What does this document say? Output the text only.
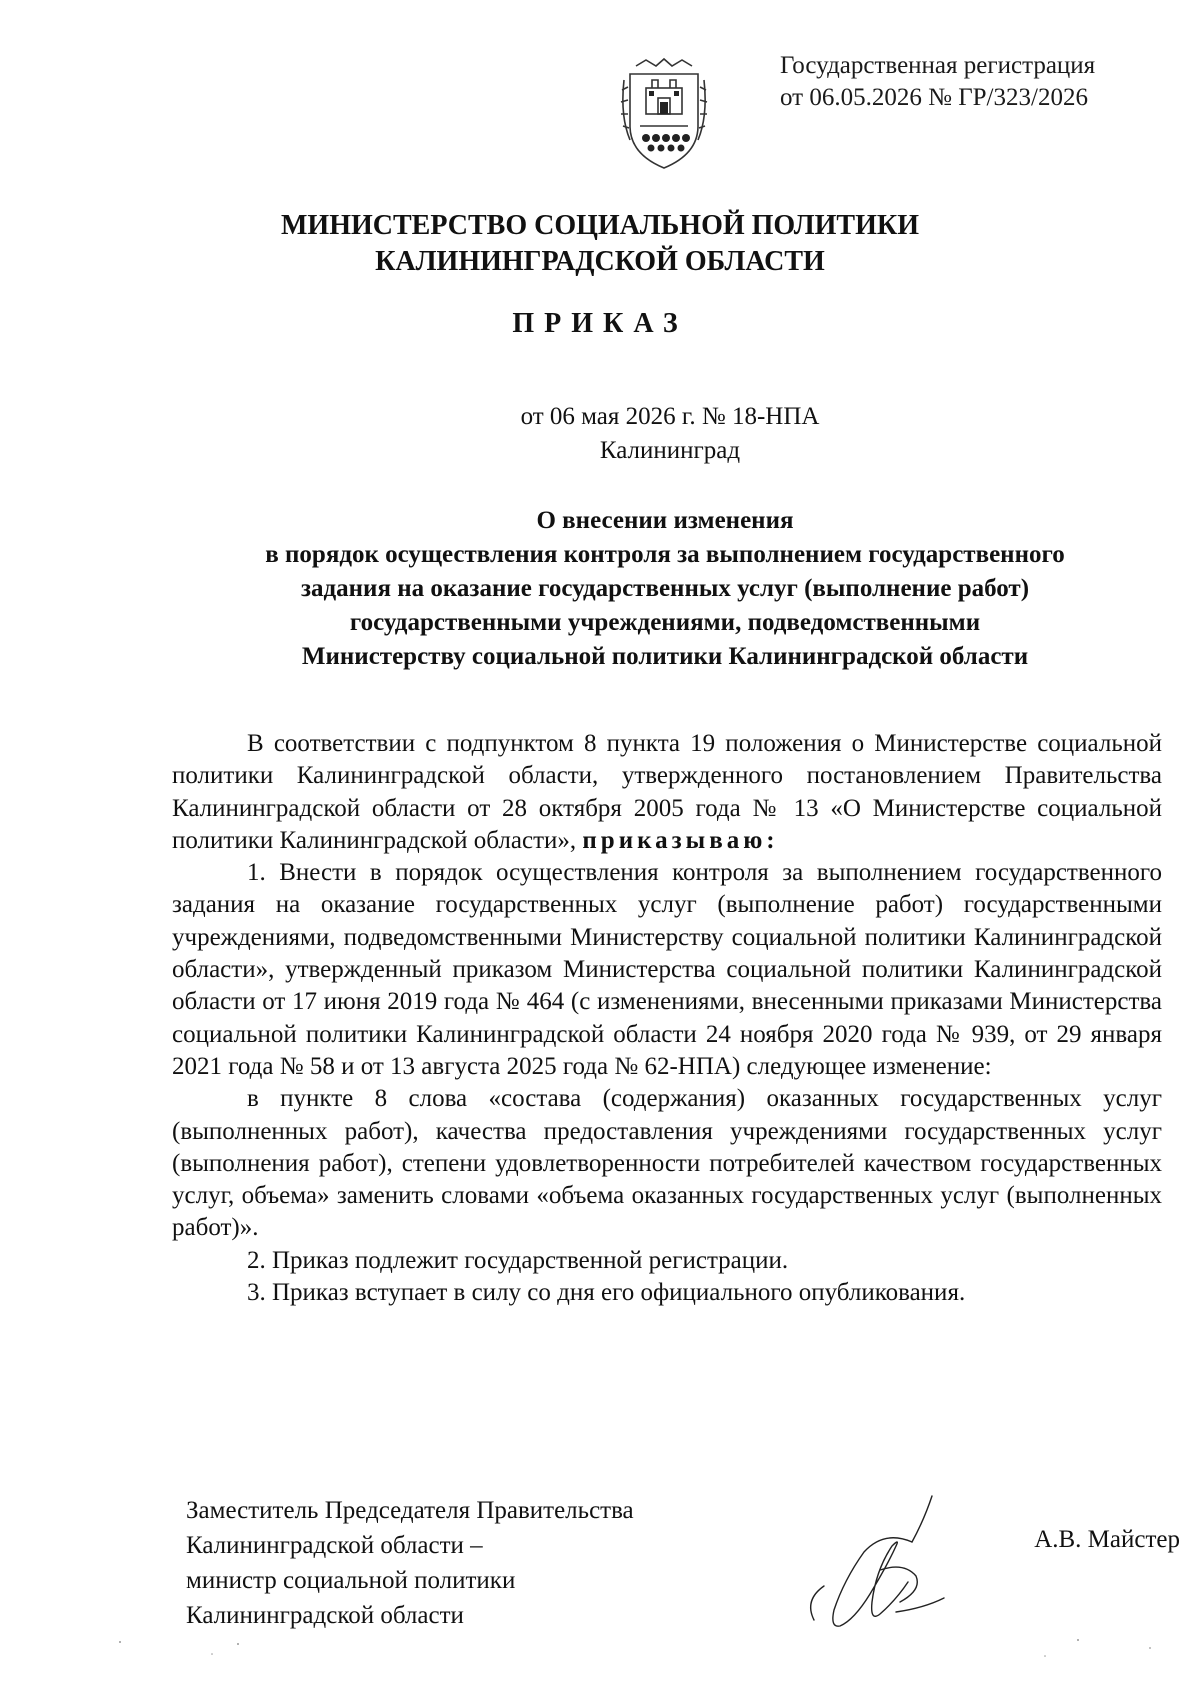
Государственная регистрация
от 06.05.2026 № ГР/323/2026
МИНИСТЕРСТВО СОЦИАЛЬНОЙ ПОЛИТИКИ
КАЛИНИНГРАДСКОЙ ОБЛАСТИ
ПРИКАЗ
от 06 мая 2026 г. № 18-НПА
Калининград
О внесении изменения
в порядок осуществления контроля за выполнением государственного
задания на оказание государственных услуг (выполнение работ)
государственными учреждениями, подведомственными
Министерству социальной политики Калининградской области

В соответствии с подпунктом 8 пункта 19 положения о Министерстве социальной политики Калининградской области, утвержденного постановлением Правительства Калининградской области от 28 октября 2005 года № 13 «О Министерстве социальной политики Калининградской области», приказываю:

1. Внести в порядок осуществления контроля за выполнением государственного задания на оказание государственных услуг (выполнение работ) государственными учреждениями, подведомственными Министерству социальной политики Калининградской области», утвержденный приказом Министерства социальной политики Калининградской области от 17 июня 2019 года № 464 (с изменениями, внесенными приказами Министерства социальной политики Калининградской области 24 ноября 2020 года № 939, от 29 января 2021 года № 58 и от 13 августа 2025 года № 62-НПА) следующее изменение:

в пункте 8 слова «состава (содержания) оказанных государственных услуг (выполненных работ), качества предоставления учреждениями государственных услуг (выполнения работ), степени удовлетворенности потребителей качеством государственных услуг, объема» заменить словами «объема оказанных государственных услуг (выполненных работ)».

2. Приказ подлежит государственной регистрации.

3. Приказ вступает в силу со дня его официального опубликования.

Заместитель Председателя Правительства
Калининградской области –
министр социальной политики
Калининградской области
А.В. Майстер
